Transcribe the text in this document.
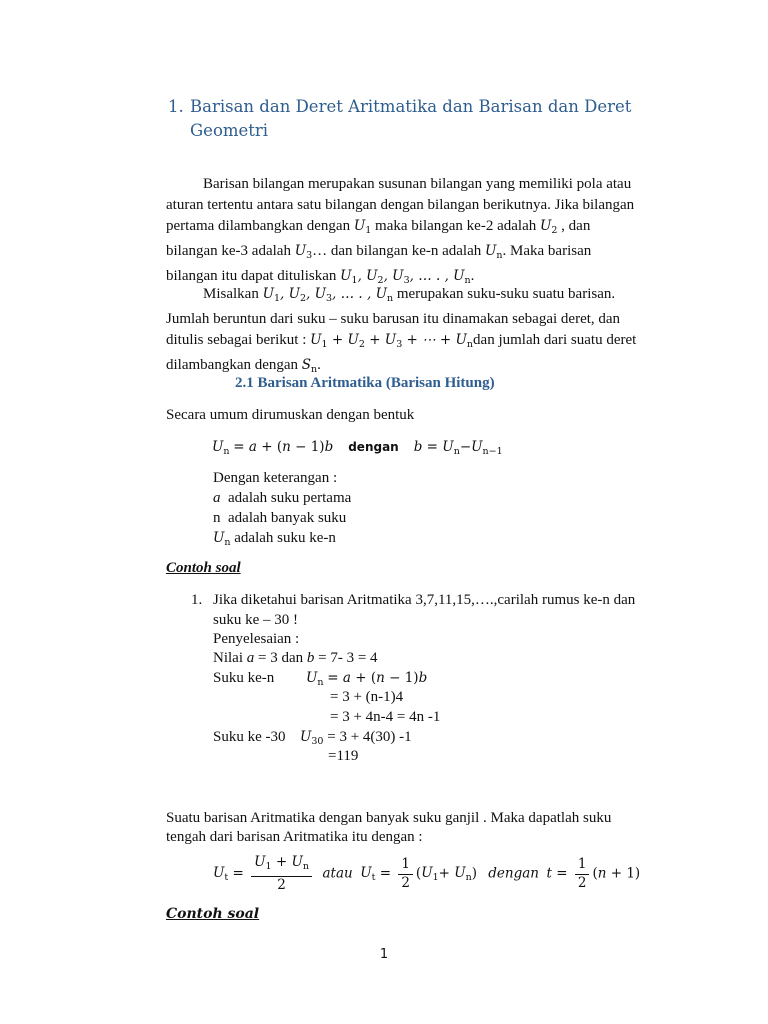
1. Barisan dan Deret Aritmatika dan Barisan dan Deret Geometri
Barisan bilangan merupakan susunan bilangan yang memiliki pola atau aturan tertentu antara satu bilangan dengan bilangan berikutnya. Jika bilangan pertama dilambangkan dengan $U_1$ maka bilangan ke-2 adalah $U_2$ , dan bilangan ke-3 adalah $U_3\dots$ dan bilangan ke-n adalah $U_n$. Maka barisan bilangan itu dapat dituliskan $U_1$, $U_2$, $U_3$, … . , $U_n$.
Misalkan $U_1$, $U_2$, $U_3$, … . , $U_n$ merupakan suku-suku suatu barisan. Jumlah beruntun dari suku – suku barusan itu dinamakan sebagai deret, dan ditulis sebagai berikut : $U_1 + U_2 + U_3$ + ⋯ + $U_ndan$ jumlah dari suatu deret dilambangkan dengan $S_n$.
2.1 Barisan Aritmatika (Barisan Hitung)
Secara umum dirumuskan dengan bentuk
$U_n = a + (n - 1)b$ dengan $b = U_n-U_{n-1}$
Dengan keterangan :
a adalah suku pertama
n adalah banyak suku
$U_n$ adalah suku ke-n
Contoh soal
1. Jika diketahui barisan Aritmatika 3,7,11,15,….,carilah rumus ke-n dan
suku ke – 30 !
Penyelesaian :
Nilai a = 3 dan b = 7- 3 = 4
Suku ke-n $U_n = a + (n - 1)b$
= 3 + (n-1)4
= 3 + 4n-4 = 4n -1
Suku ke -30 $U_{30} = 3 + 4(30)$ -1
=119
Suatu barisan Aritmatika dengan banyak suku ganjil . Maka dapatlah suku
tengah dari barisan Aritmatika itu dengan :
$U_t = \frac{U_1 + U_n}{2}$ atau $U_t = \frac{1}{2} (U_1+ U_n)$ dengan $t = \frac{1}{2} (n + 1)$
Contoh soal
1
